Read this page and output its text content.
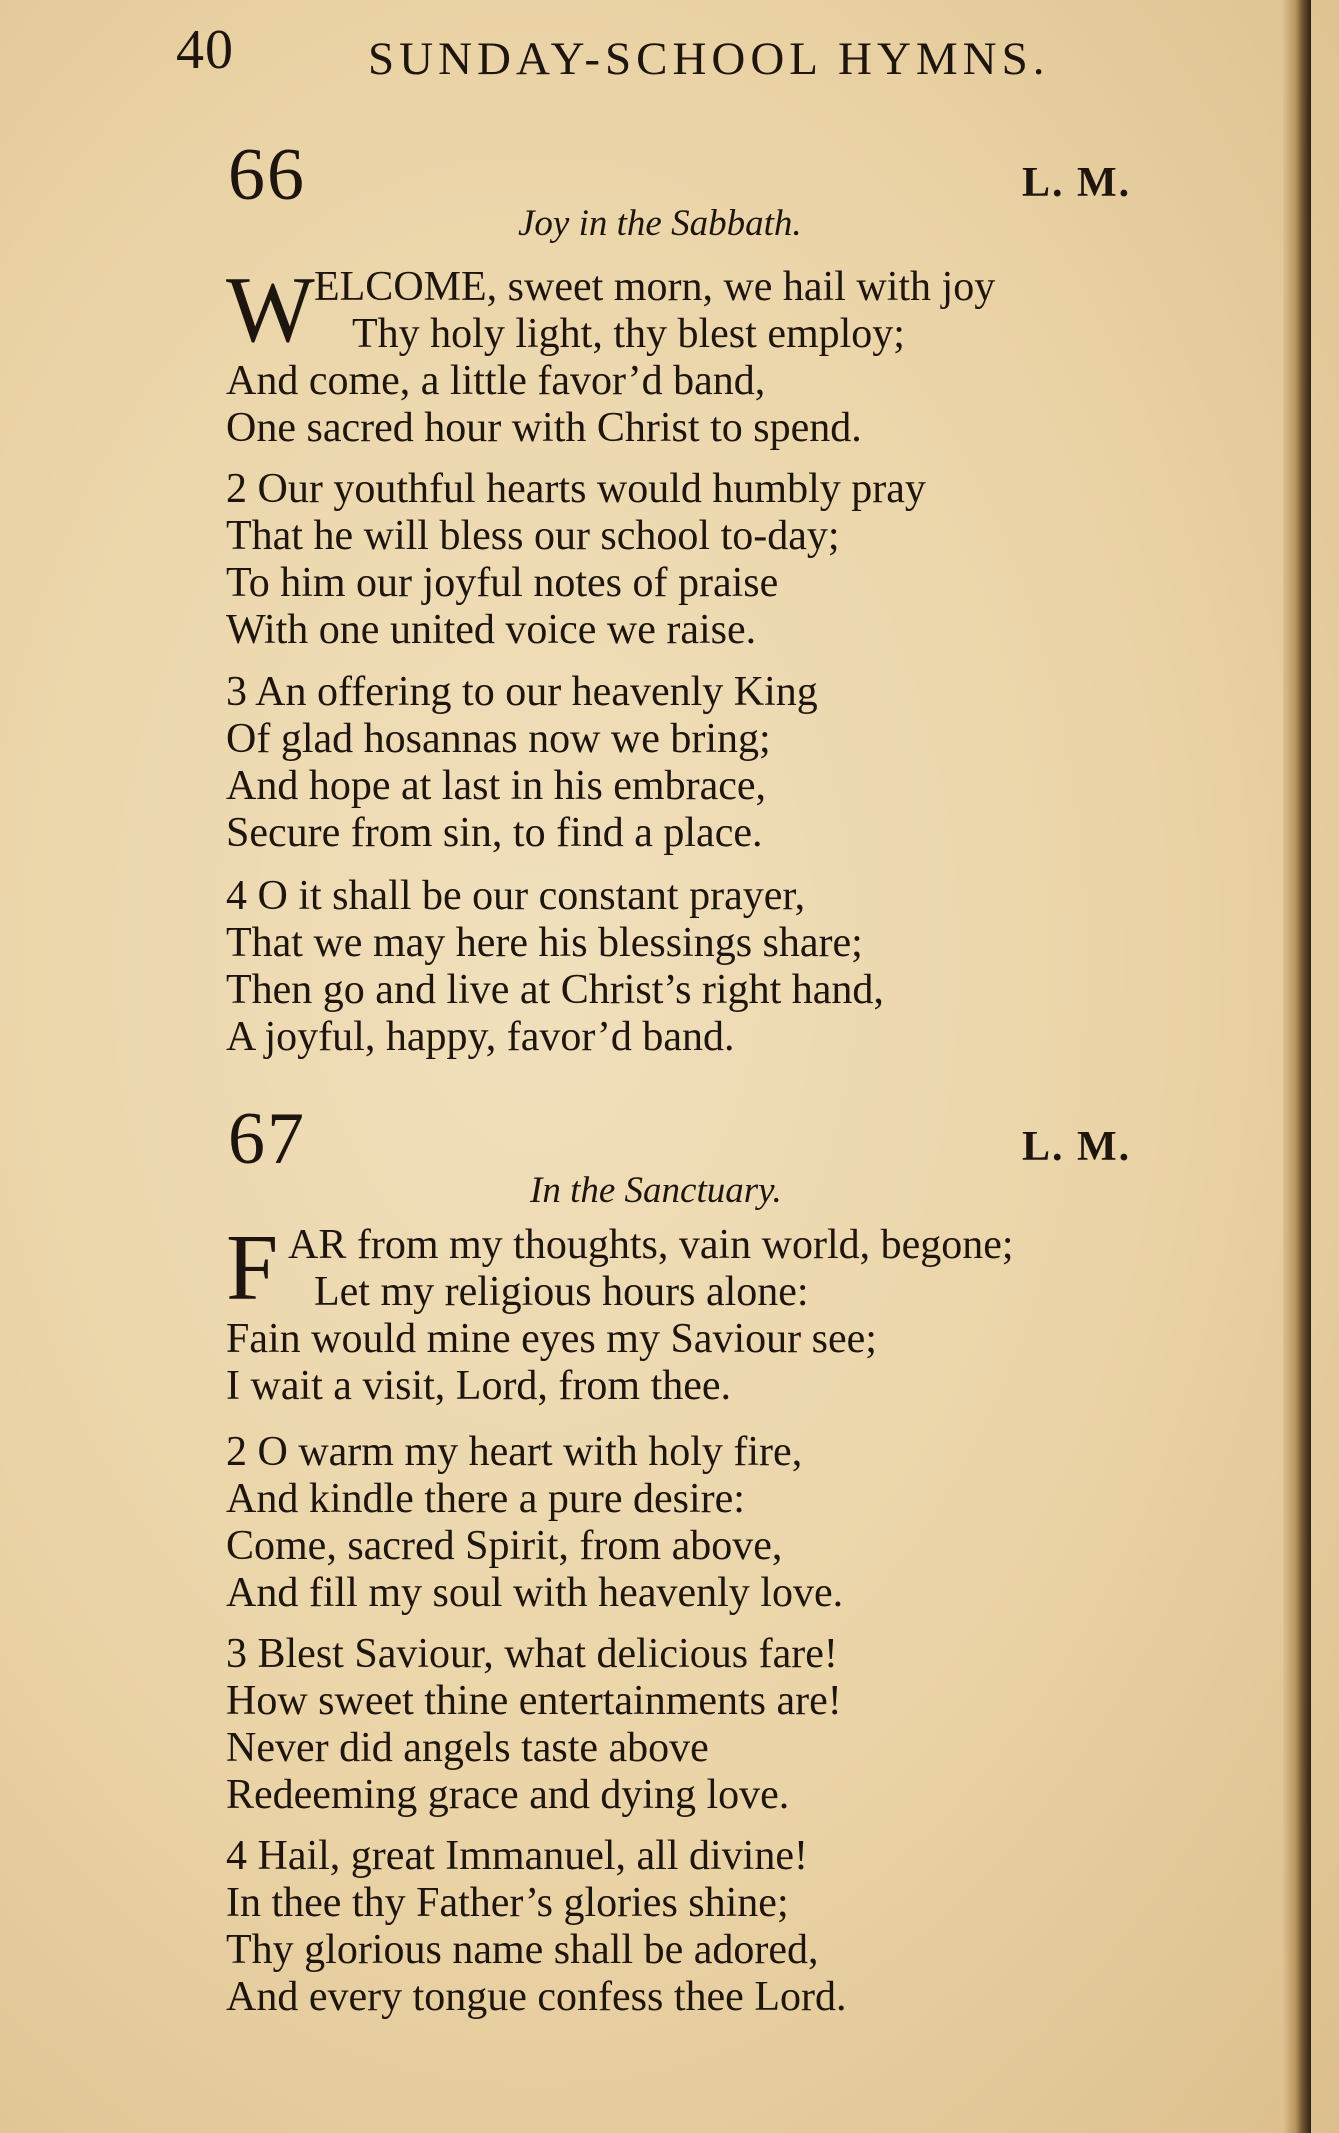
40	SUNDAY-SCHOOL HYMNS.
66	L. M.
Joy in the Sabbath.
W ELCOME, sweet morn, we hail with joy
Thy holy light, thy blest employ;
And come, a little favor’d band,
One sacred hour with Christ to spend.
2 Our youthful hearts would humbly pray
That he will bless our school to-day;
To him our joyful notes of praise
With one united voice we raise.
3 An offering to our heavenly King
Of glad hosannas now we bring;
And hope at last in his embrace,
Secure from sin, to find a place.
4 O it shall be our constant prayer,
That we may here his blessings share;
Then go and live at Christ’s right hand,
A joyful, happy, favor’d band.
67	L. M.
In the Sanctuary.
F AR from my thoughts, vain world, begone;
Let my religious hours alone:
Fain would mine eyes my Saviour see;
I wait a visit, Lord, from thee.
2 O warm my heart with holy fire,
And kindle there a pure desire:
Come, sacred Spirit, from above,
And fill my soul with heavenly love.
3 Blest Saviour, what delicious fare!
How sweet thine entertainments are!
Never did angels taste above
Redeeming grace and dying love.
4 Hail, great Immanuel, all divine!
In thee thy Father’s glories shine;
Thy glorious name shall be adored,
And every tongue confess thee Lord.
